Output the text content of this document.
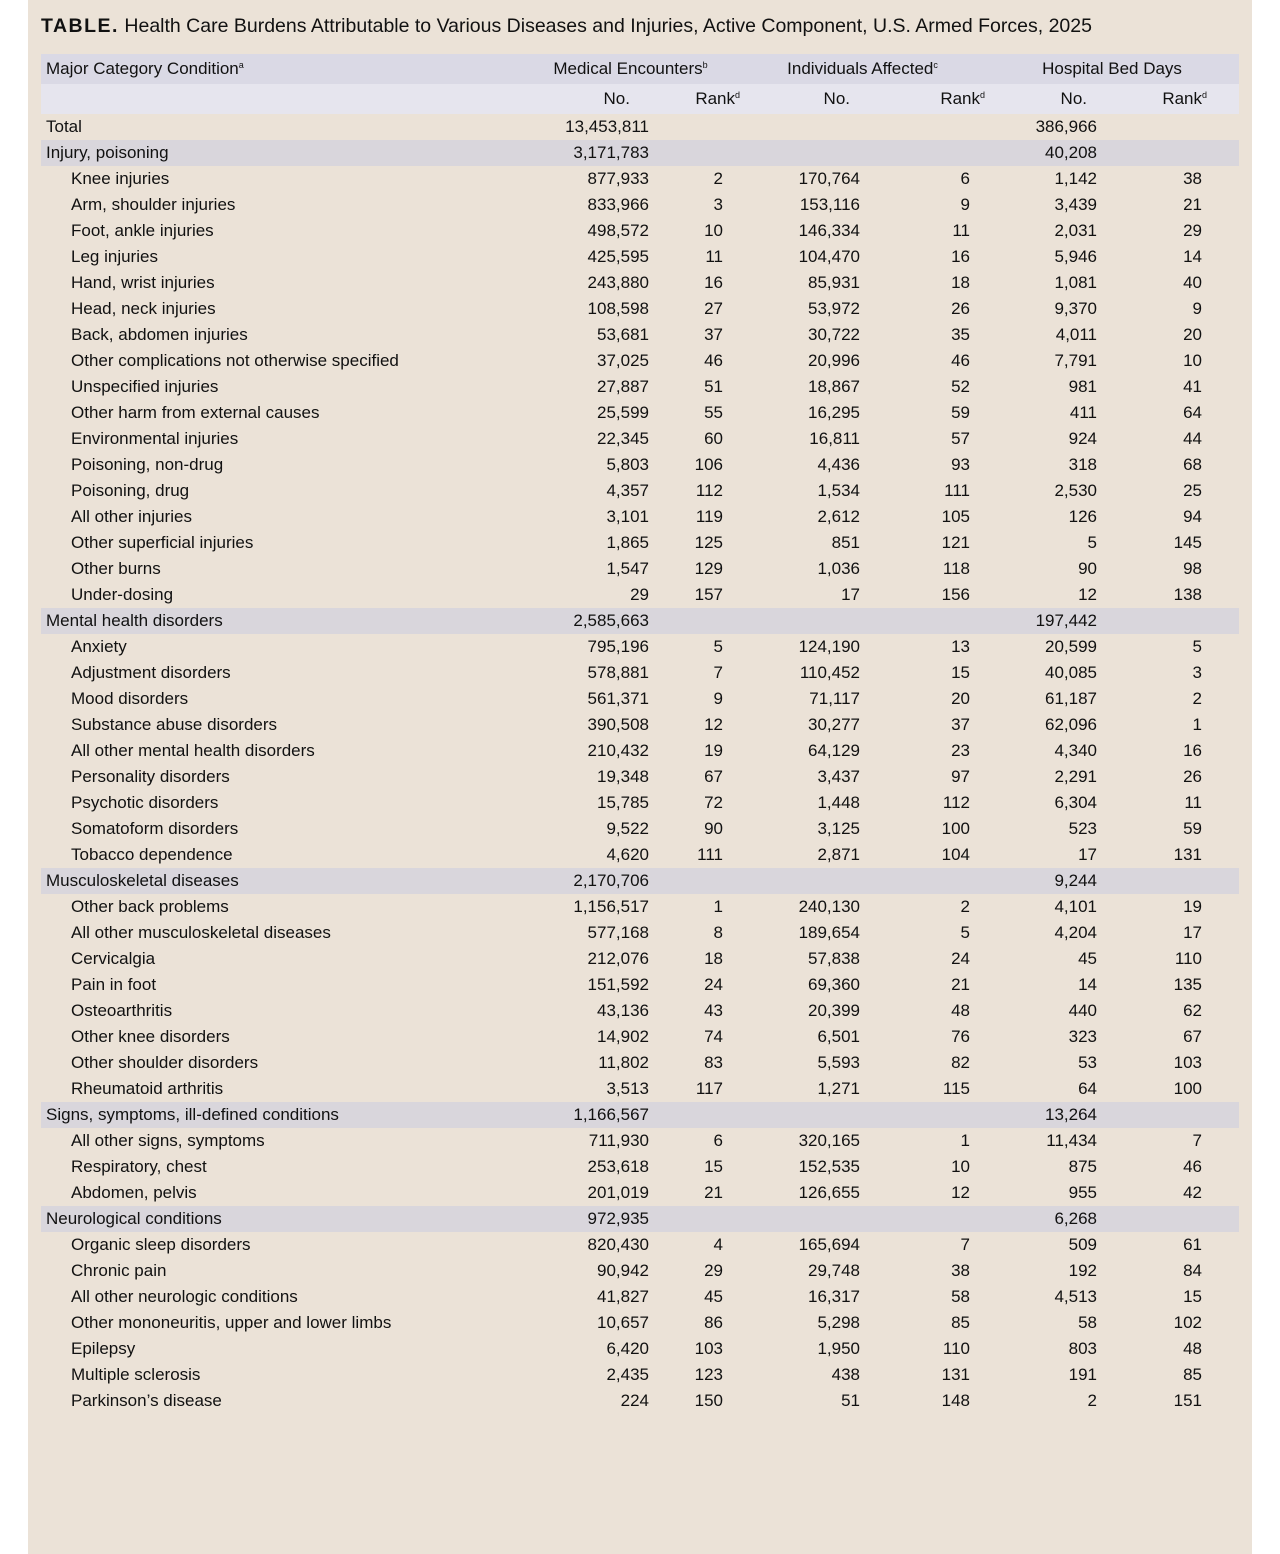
TABLE. Health Care Burdens Attributable to Various Diseases and Injuries, Active Component, U.S. Armed Forces, 2025
Major Category Condition$^a$	Medical Encounters$^b$		Individuals Affected$^c$		Hospital Bed Days	
	No.	Rank$^d$	No.	Rank$^d$	No.	Rank$^d$
Total	13,453,811				386,966	
Injury, poisoning	3,171,783				40,208	
Knee injuries	877,933	2	170,764	6	1,142	38
Arm, shoulder injuries	833,966	3	153,116	9	3,439	21
Foot, ankle injuries	498,572	10	146,334	11	2,031	29
Leg injuries	425,595	11	104,470	16	5,946	14
Hand, wrist injuries	243,880	16	85,931	18	1,081	40
Head, neck injuries	108,598	27	53,972	26	9,370	9
Back, abdomen injuries	53,681	37	30,722	35	4,011	20
Other complications not otherwise specified	37,025	46	20,996	46	7,791	10
Unspecified injuries	27,887	51	18,867	52	981	41
Other harm from external causes	25,599	55	16,295	59	411	64
Environmental injuries	22,345	60	16,811	57	924	44
Poisoning, non-drug	5,803	106	4,436	93	318	68
Poisoning, drug	4,357	112	1,534	111	2,530	25
All other injuries	3,101	119	2,612	105	126	94
Other superficial injuries	1,865	125	851	121	5	145
Other burns	1,547	129	1,036	118	90	98
Under-dosing	29	157	17	156	12	138
Mental health disorders	2,585,663				197,442	
Anxiety	795,196	5	124,190	13	20,599	5
Adjustment disorders	578,881	7	110,452	15	40,085	3
Mood disorders	561,371	9	71,117	20	61,187	2
Substance abuse disorders	390,508	12	30,277	37	62,096	1
All other mental health disorders	210,432	19	64,129	23	4,340	16
Personality disorders	19,348	67	3,437	97	2,291	26
Psychotic disorders	15,785	72	1,448	112	6,304	11
Somatoform disorders	9,522	90	3,125	100	523	59
Tobacco dependence	4,620	111	2,871	104	17	131
Musculoskeletal diseases	2,170,706				9,244	
Other back problems	1,156,517	1	240,130	2	4,101	19
All other musculoskeletal diseases	577,168	8	189,654	5	4,204	17
Cervicalgia	212,076	18	57,838	24	45	110
Pain in foot	151,592	24	69,360	21	14	135
Osteoarthritis	43,136	43	20,399	48	440	62
Other knee disorders	14,902	74	6,501	76	323	67
Other shoulder disorders	11,802	83	5,593	82	53	103
Rheumatoid arthritis	3,513	117	1,271	115	64	100
Signs, symptoms, ill-defined conditions	1,166,567				13,264	
All other signs, symptoms	711,930	6	320,165	1	11,434	7
Respiratory, chest	253,618	15	152,535	10	875	46
Abdomen, pelvis	201,019	21	126,655	12	955	42
Neurological conditions	972,935				6,268	
Organic sleep disorders	820,430	4	165,694	7	509	61
Chronic pain	90,942	29	29,748	38	192	84
All other neurologic conditions	41,827	45	16,317	58	4,513	15
Other mononeuritis, upper and lower limbs	10,657	86	5,298	85	58	102
Epilepsy	6,420	103	1,950	110	803	48
Multiple sclerosis	2,435	123	438	131	191	85
Parkinson’s disease	224	150	51	148	2	151
